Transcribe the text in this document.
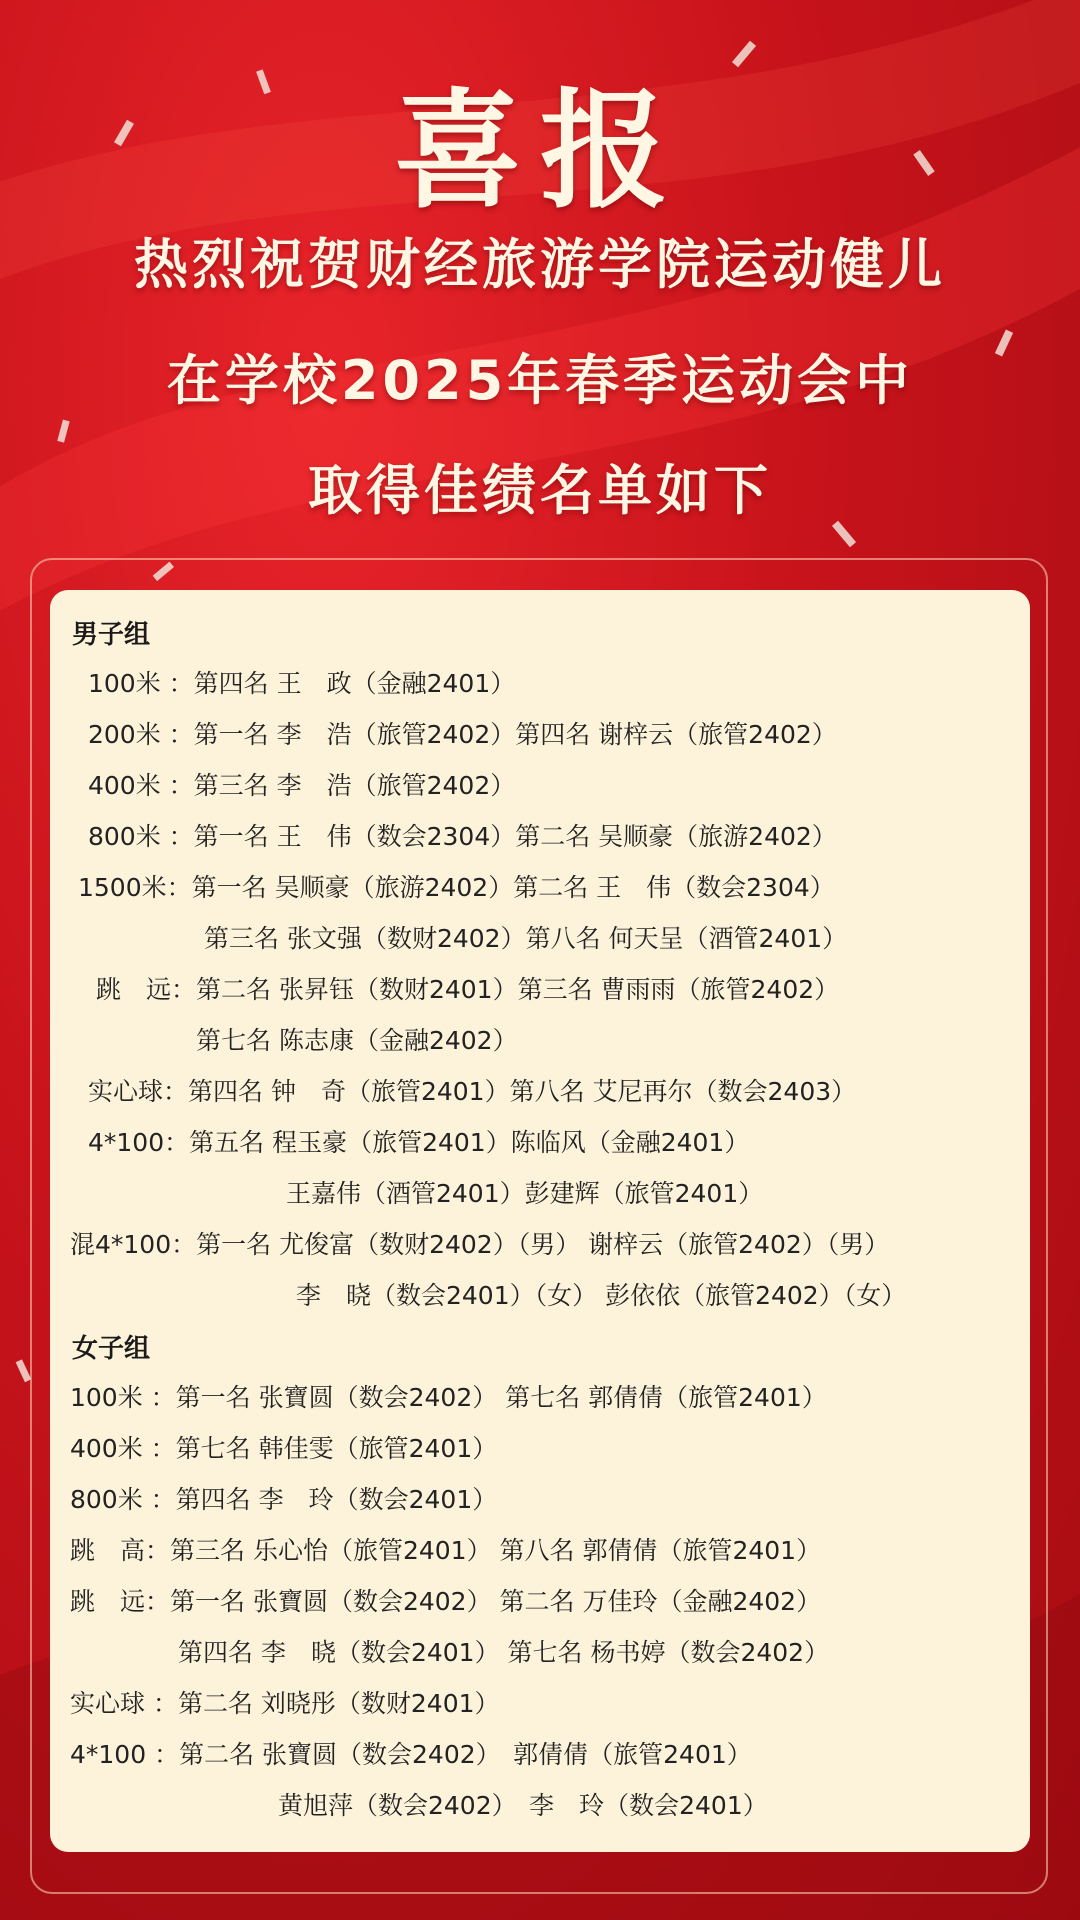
喜报
热烈祝贺财经旅游学院运动健儿
在学校2025年春季运动会中
取得佳绩名单如下
男子组
100米 ：第四名 王　政（金融2401）
200米 ：第一名 李　浩（旅管2402）第四名 谢梓云（旅管2402）
400米 ：第三名 李　浩（旅管2402）
800米 ：第一名 王　伟（数会2304）第二名 吴顺豪（旅游2402）
1500米：第一名 吴顺豪（旅游2402）第二名 王　伟（数会2304）
第三名 张文强（数财2402）第八名 何天呈（酒管2401）
跳　远：第二名 张昇钰（数财2401）第三名 曹雨雨（旅管2402）
第七名 陈志康（金融2402）
实心球：第四名 钟　奇（旅管2401）第八名 艾尼再尔（数会2403）
4*100：第五名 程玉豪（旅管2401）陈临风（金融2401）
王嘉伟（酒管2401）彭建辉（旅管2401）
混4*100：第一名 尤俊富（数财2402）（男） 谢梓云（旅管2402）（男）
李　晓（数会2401）（女） 彭依依（旅管2402）（女）
女子组
100米 ：第一名 张寶圆（数会2402） 第七名 郭倩倩（旅管2401）
400米 ：第七名 韩佳雯（旅管2401）
800米 ：第四名 李　玲（数会2401）
跳　高：第三名 乐心怡（旅管2401） 第八名 郭倩倩（旅管2401）
跳　远：第一名 张寶圆（数会2402） 第二名 万佳玲（金融2402）
第四名 李　晓（数会2401） 第七名 杨书婷（数会2402）
实心球 ：第二名 刘晓彤（数财2401）
4*100 ：第二名 张寶圆（数会2402）　郭倩倩（旅管2401）
黄旭萍（数会2402）　李　玲（数会2401）
